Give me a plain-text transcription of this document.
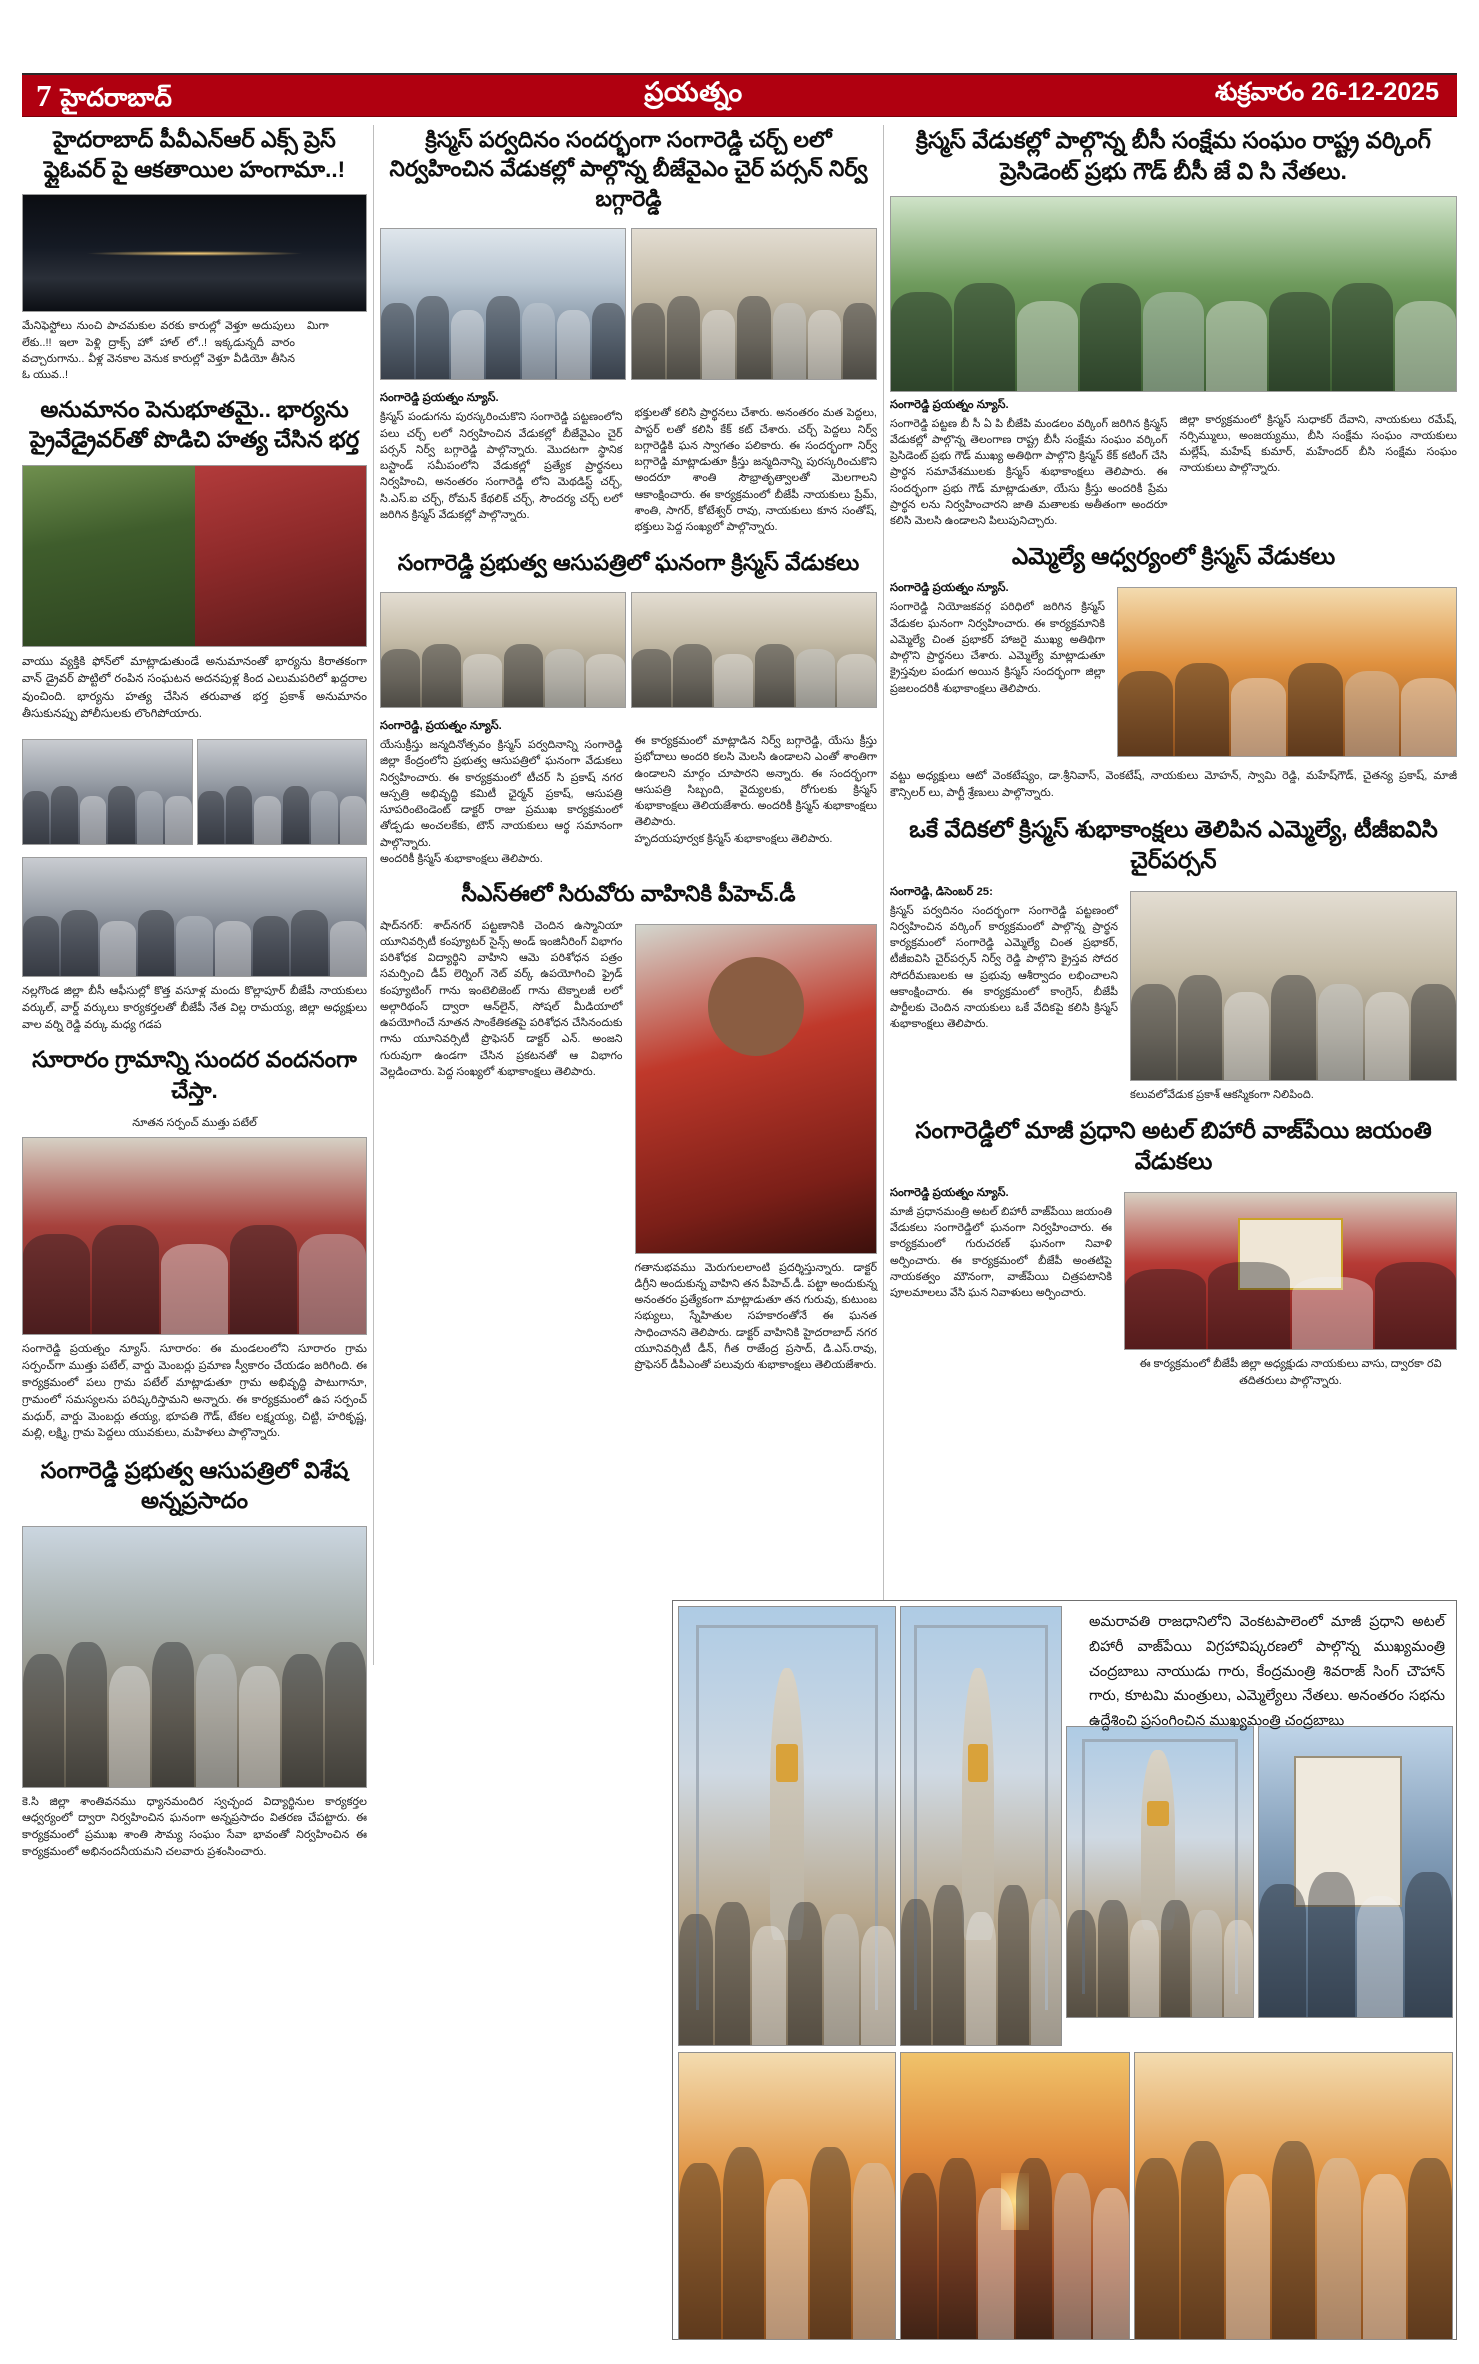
7 హైదరాబాద్	ప్రయత్నం	శుక్రవారం 26-12-2025
హైదరాబాద్ పీవీఎన్ఆర్ ఎక్స్ ప్రెస్ ఫ్లైఓవర్ పై ఆకతాయిల హంగామా..!
మేనిఫెస్టోలు నుంచి పాచమకుల వరకు కారుల్లో వెళ్తూ అదుపులు లేకు..!! ఇలా పెళ్లి ద్రాక్స్ హో హాల్ లో..! ఇక్కడున్నదీ వారం వచ్చారుగాను.. వీళ్ల వెనకాల వెనుక కారుల్లో వెళ్తూ వీడియో తీసిన ఓ యువ..!
మిగా
అనుమానం పెనుభూతమై.. భార్యను ప్రైవేడ్రైవర్‌తో పొడిచి హత్య చేసిన భర్త
వాయు వ్యక్తికి ఫోన్‌లో మాట్లాడుతుండే అనుమానంతో భార్యను కిరాతకంగా వాన్ డ్రైవర్ పొట్టిలో రంపిన సంఘటన అదనపుళ్ల కింద ఎలుమపరిలో ఖద్దరాల వుంచింది. భార్యను హత్య చేసిన తరువాత భర్త ప్రకాశ్ అనుమానం తీసుకునప్పు పోలీసులకు లొంగిపోయారు.
నల్లగొండ జిల్లా బీసీ ఆఫీసుల్లో కొత్త వసూళ్ల మందు కొల్లాపూర్ బీజేపీ నాయకులు వర్కుల్, వార్డ్ వర్కులు కార్యకర్తలతో బీజేపీ నేత విల్ల రామయ్య, జిల్లా అధ్యక్షులు వాల వర్ని రెడ్డి వర్కు మధ్య గడప
సూరారం గ్రామాన్ని సుందర వందనంగా చేస్తా.
నూతన సర్పంచ్ ముత్తు పటేల్
సంగారెడ్డి ప్రయత్నం న్యూస్. సూరారం: ఈ మండలంలోని సూరారం గ్రామ సర్పంచ్‌గా ముత్తు పటేల్, వార్డు మెంబర్లు ప్రమాణ స్వీకారం చేయడం జరిగింది. ఈ కార్యక్రమంలో పలు గ్రామ పటేల్ మాట్లాడుతూ గ్రామ అభివృద్ధి పాటుగానూ, గ్రామంలో సమస్యలను పరిష్కరిస్తామని అన్నారు. ఈ కార్యక్రమంలో ఉప సర్పంచ్ మధుర్, వార్డు మెంబర్లు తయ్య, భూపతి గౌడ్, టేకల లక్ష్మయ్య, చిట్టి, హరికృష్ణ, మల్లి, లక్ష్మి, గ్రామ పెద్దలు యువకులు, మహిళలు పాల్గొన్నారు.
సంగారెడ్డి ప్రభుత్వ ఆసుపత్రిలో విశేష అన్నప్రసాదం
కె.సి జిల్లా శాంతివనము ధ్యానమందిర స్వచ్ఛంద విద్యార్థినుల కార్యకర్తల ఆధ్వర్యంలో ద్వారా నిర్వహించిన ఘనంగా అన్నప్రసాదం వితరణ చేపట్టారు. ఈ కార్యక్రమంలో ప్రముఖ శాంతి సౌమ్య సంఘం సేవా భావంతో నిర్వహించిన ఈ కార్యక్రమంలో అభినందనీయమని చలవారు ప్రశంసించారు.
క్రిస్మస్ పర్వదినం సందర్భంగా సంగారెడ్డి చర్చ్ లలో నిర్వహించిన వేడుకల్లో పాల్గొన్న బీజేవైఎం చైర్ పర్సన్ నిర్వ్ బగ్గారెడ్డి
సంగారెడ్డి ప్రయత్నం న్యూస్.
క్రిస్మస్ పండుగను పురస్కరించుకొని సంగారెడ్డి పట్టణంలోని పలు చర్చ్ లలో నిర్వహించిన వేడుకల్లో బీజేవైఎం చైర్ పర్సన్ నిర్వ్ బగ్గారెడ్డి పాల్గొన్నారు. మొదటగా స్థానిక బస్టాండ్ సమీపంలోని వేడుకల్లో ప్రత్యేక ప్రార్థనలు నిర్వహించి, అనంతరం సంగారెడ్డి లోని మెథడిస్ట్ చర్చ్, సి.ఎస్.ఐ చర్చ్, రోమన్ కేథలిక్ చర్చ్, సౌందర్య చర్చ్ లలో జరిగిన క్రిస్మస్ వేడుకల్లో పాల్గొన్నారు.

భక్తులతో కలిసి ప్రార్థనలు చేశారు. అనంతరం మత పెద్దలు, పాస్టర్ లతో కలిసి కేక్ కట్ చేశారు. చర్చ్ పెద్దలు నిర్వ్ బగ్గారెడ్డికి ఘన స్వాగతం పలికారు. ఈ సందర్భంగా నిర్వ్ బగ్గారెడ్డి మాట్లాడుతూ క్రీస్తు జన్మదినాన్ని పురస్కరించుకొని అందరూ శాంతి సౌభ్రాతృత్వాలతో మెలగాలని ఆకాంక్షించారు. ఈ కార్యక్రమంలో బీజేపీ నాయకులు ప్రేమ్, శాంతి, సాగర్, కోటేశ్వర్ రావు, నాయకులు కూన సంతోష్, భక్తులు పెద్ద సంఖ్యలో పాల్గొన్నారు.
సంగారెడ్డి ప్రభుత్వ ఆసుపత్రిలో ఘనంగా క్రిస్మస్ వేడుకలు
సంగారెడ్డి, ప్రయత్నం న్యూస్.
యేసుక్రీస్తు జన్మదినోత్సవం క్రిస్మస్ పర్వదినాన్ని సంగారెడ్డి జిల్లా కేంద్రంలోని ప్రభుత్వ ఆసుపత్రిలో ఘనంగా వేడుకలు నిర్వహించారు. ఈ కార్యక్రమంలో టీచర్ సి ప్రకాష్ నగర ఆస్పత్రి అభివృద్ధి కమిటీ ఛైర్మన్ ప్రకాష్, ఆసుపత్రి సూపరింటెండెంట్ డాక్టర్ రాజు ప్రముఖ కార్యక్రమంలో తోడ్పడు అంచలకేకు, టౌన్ నాయకులు ఆర్థ సమానంగా పాల్గొన్నారు.
అందరికీ క్రిస్మస్ శుభాకాంక్షలు తెలిపారు.

ఈ కార్యక్రమంలో మాట్లాడిన నిర్వ్ బగ్గారెడ్డి, యేసు క్రీస్తు ప్రభోదాలు అందరి కలసి మెలసి ఉండాలని ఎంతో శాంతిగా ఉండాలని మార్గం చూపారని అన్నారు. ఈ సందర్భంగా ఆసుపత్రి సిబ్బంది, వైద్యులకు, రోగులకు క్రిస్మస్ శుభాకాంక్షలు తెలియజేశారు. అందరికీ క్రిస్మస్ శుభాకాంక్షలు తెలిపారు.
హృదయపూర్వక క్రిస్మస్ శుభాకాంక్షలు తెలిపారు.
సీఎస్ఈలో సిరువోరు వాహినికి పీహెచ్.డీ
షాద్‌నగర్: శాద్‌నగర్ పట్టణానికి చెందిన ఉస్మానియా యూనివర్సిటీ కంప్యూటర్ సైన్స్ అండ్ ఇంజినీరింగ్ విభాగం పరిశోధక విద్యార్థిని వాహిని ఆమె పరిశోధన పత్రం సమర్పించి డీప్ లెర్నింగ్ నెట్ వర్క్ ఉపయోగించి ఫ్రైడ్ కంప్యూటింగ్ గాను ఇంటెలిజెంట్ గాను టెక్నాలజీ లలో అల్గారిథంస్ ద్వారా ఆన్‌లైన్, సోషల్ మీడియాలో ఉపయోగించే నూతన సాంకేతికతపై పరిశోధన చేసినందుకు గాను యూనివర్సిటీ ప్రొఫెసర్ డాక్టర్ ఎన్. అంజని గురువుగా ఉండగా చేసిన ప్రకటనతో ఆ విభాగం వెల్లడించారు. పెద్ద సంఖ్యలో శుభాకాంక్షలు తెలిపారు.
గతానుభవము మెరుగులలాంటి ప్రదర్శిస్తున్నారు. డాక్టర్ డిగ్రీని అందుకున్న వాహిని తన పీహెచ్.డీ. పట్టా అందుకున్న అనంతరం ప్రత్యేకంగా మాట్లాడుతూ తన గురువు, కుటుంబ సభ్యులు, స్నేహితుల సహకారంతోనే ఈ ఘనత సాధించానని తెలిపారు. డాక్టర్ వాహినికి హైదరాబాద్ నగర యూనివర్సిటీ డీన్, గీత రాజేంద్ర ప్రసాద్, డి.ఎస్.రావు, ప్రొఫెసర్ డీపీఎంతో పలువురు శుభాకాంక్షలు తెలియజేశారు.
క్రిస్మస్ వేడుకల్లో పాల్గొన్న బీసీ సంక్షేమ సంఘం రాష్ట్ర వర్కింగ్ ప్రెసిడెంట్ ప్రభు గౌడ్ బీసీ జే వి సి నేతలు.
సంగారెడ్డి ప్రయత్నం న్యూస్.
సంగారెడ్డి పట్టణ బీ సీ ఏ పి బీజేపి మండలం వర్కింగ్ జరిగిన క్రిస్మస్ వేడుకల్లో పాల్గొన్న తెలంగాణ రాష్ట్ర బీసీ సంక్షేమ సంఘం వర్కింగ్ ప్రెసిడెంట్ ప్రభు గౌడ్ ముఖ్య అతిథిగా పాల్గొని క్రిస్మస్ కేక్ కటింగ్ చేసి ప్రార్థన సమావేశములకు క్రిస్మస్ శుభాకాంక్షలు తెలిపారు. ఈ సందర్భంగా ప్రభు గౌడ్ మాట్లాడుతూ, యేసు క్రీస్తు అందరికీ ప్రేమ ప్రార్థన లను నిర్వహించారని జాతి మతాలకు అతీతంగా అందరూ కలిసి మెలసి ఉండాలని పిలుపునిచ్చారు.

జిల్లా కార్యక్రమంలో క్రిస్మస్ సుధాకర్ దేవాని, నాయకులు రమేష్, నర్సిమ్ములు, అంజయ్యము, బీసి సంక్షేమ సంఘం నాయకులు మల్లేష్, మహేష్ కుమార్, మహేందర్ బీసి సంక్షేమ సంఘం నాయకులు పాల్గొన్నారు.
ఎమ్మెల్యే ఆధ్వర్యంలో క్రిస్మస్ వేడుకలు
సంగారెడ్డి ప్రయత్నం న్యూస్.
సంగారెడ్డి నియోజకవర్గ పరిధిలో జరిగిన క్రిస్మస్ వేడుకల ఘనంగా నిర్వహించారు. ఈ కార్యక్రమానికి ఎమ్మెల్యే చింత ప్రభాకర్ హాజరై ముఖ్య అతిథిగా పాల్గొని ప్రార్థనలు చేశారు. ఎమ్మెల్యే మాట్లాడుతూ క్రైస్తవుల పండుగ అయిన క్రిస్మస్ సందర్భంగా జిల్లా ప్రజలందరికీ శుభాకాంక్షలు తెలిపారు.
వట్టు అధ్యక్షులు ఆటో వెంకటేష్యం, డా.శ్రీనివాస్, వెంకటేష్, నాయకులు మోహన్, స్వామి రెడ్డి, మహేష్‌గౌడ్, చైతన్య ప్రకాష్, మాజీ కౌన్సిలర్ లు, పార్టీ శ్రేణులు పాల్గొన్నారు.
ఒకే వేదికలో క్రిస్మస్ శుభాకాంక్షలు తెలిపిన ఎమ్మెల్యే, టీజీఐవిసి చైర్‌పర్సన్
సంగారెడ్డి, డిసెంబర్ 25:
క్రిస్మస్ పర్వదినం సందర్భంగా సంగారెడ్డి పట్టణంలో నిర్వహించిన వర్కింగ్ కార్యక్రమంలో పాల్గొన్న ప్రార్థన కార్యక్రమంలో సంగారెడ్డి ఎమ్మెల్యే చింత ప్రభాకర్, టీజీఐవిసి చైర్‌పర్సన్ నిర్వ్ రెడ్డి పాల్గొని క్రైస్తవ సోదర సోదరీమణులకు ఆ ప్రభువు ఆశీర్వాదం లభించాలని ఆకాంక్షించారు. ఈ కార్యక్రమంలో కాంగ్రెస్, బీజేపీ పార్టీలకు చెందిన నాయకులు ఒకే వేదికపై కలిసి క్రిస్మస్ శుభాకాంక్షలు తెలిపారు.
కలువలోవేడుక ప్రకాశ్ ఆకస్మికంగా నిలిపింది.
సంగారెడ్డిలో మాజీ ప్రధాని అటల్ బిహారీ వాజ్‌పేయి జయంతి వేడుకలు
సంగారెడ్డి ప్రయత్నం న్యూస్.
మాజీ ప్రధానమంత్రి అటల్ బిహారీ వాజ్‌పేయి జయంతి వేడుకలు సంగారెడ్డిలో ఘనంగా నిర్వహించారు. ఈ కార్యక్రమంలో గురుచరణ్ ఘనంగా నివాళి అర్పించారు. ఈ కార్యక్రమంలో బీజేపీ అంతటిపై నాయకత్వం మౌనంగా, వాజ్‌పేయి చిత్రపటానికి పూలమాలలు వేసి ఘన నివాళులు అర్పించారు.
ఈ కార్యక్రమంలో బీజేపీ జిల్లా అధ్యక్షుడు నాయకులు వాసు, ద్వారకా రవి తదితరులు పాల్గొన్నారు.
అమరావతి రాజధానిలోని వెంకటపాలెంలో మాజీ ప్రధాని అటల్ బిహారీ వాజ్‌పేయి విగ్రహావిష్కరణలో పాల్గొన్న ముఖ్యమంత్రి చంద్రబాబు నాయుడు గారు, కేంద్రమంత్రి శివరాజ్ సింగ్ చౌహాన్ గారు, కూటమి మంత్రులు, ఎమ్మెల్యేలు నేతలు. అనంతరం సభను ఉద్దేశించి ప్రసంగించిన ముఖ్యమంత్రి చంద్రబాబు
